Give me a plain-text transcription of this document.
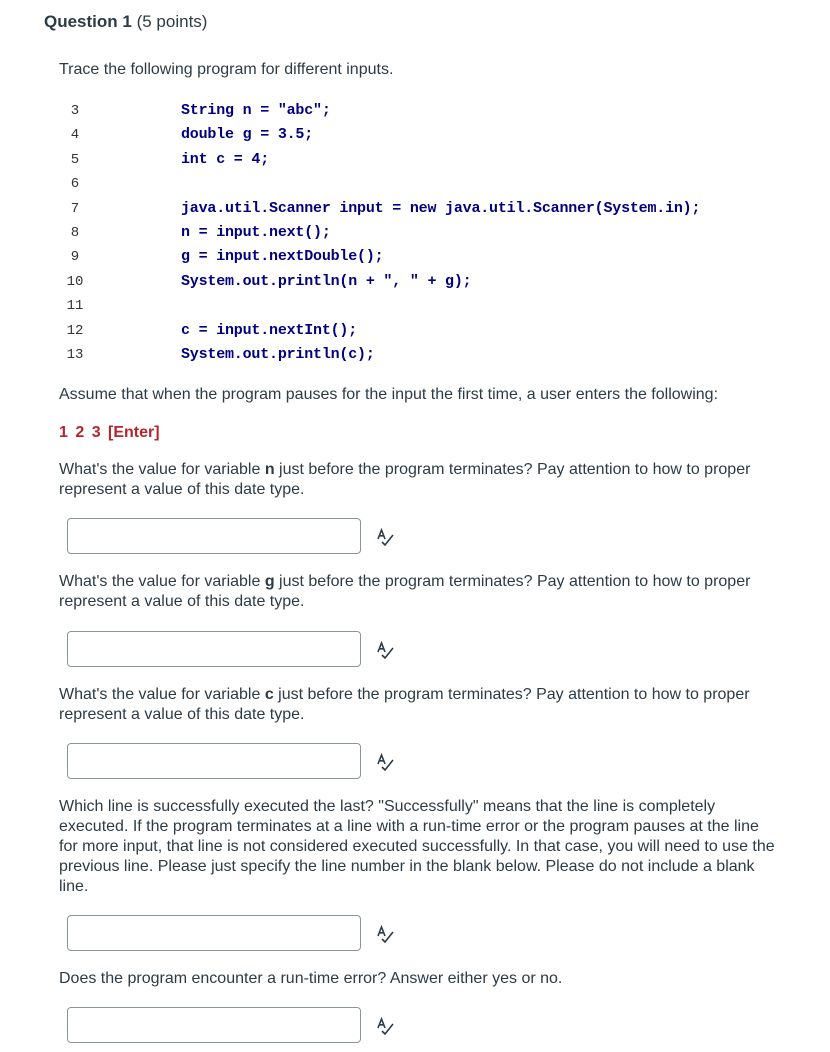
Question 1 (5 points)
Trace the following program for different inputs.
3	String n = "abc";
4	double g = 3.5;
5	int c = 4;
6
7	java.util.Scanner input = new java.util.Scanner(System.in);
8	n = input.next();
9	g = input.nextDouble();
10	System.out.println(n + ", " + g);
11
12	c = input.nextInt();
13	System.out.println(c);
Assume that when the program pauses for the input the first time, a user enters the following:
1 2 3 [Enter]
What's the value for variable n just before the program terminates? Pay attention to how to proper represent a value of this date type.
What's the value for variable g just before the program terminates? Pay attention to how to proper represent a value of this date type.
What's the value for variable c just before the program terminates? Pay attention to how to proper represent a value of this date type.
Which line is successfully executed the last? "Successfully" means that the line is completely executed. If the program terminates at a line with a run-time error or the program pauses at the line for more input, that line is not considered executed successfully. In that case, you will need to use the previous line. Please just specify the line number in the blank below. Please do not include a blank line.
Does the program encounter a run-time error? Answer either yes or no.
